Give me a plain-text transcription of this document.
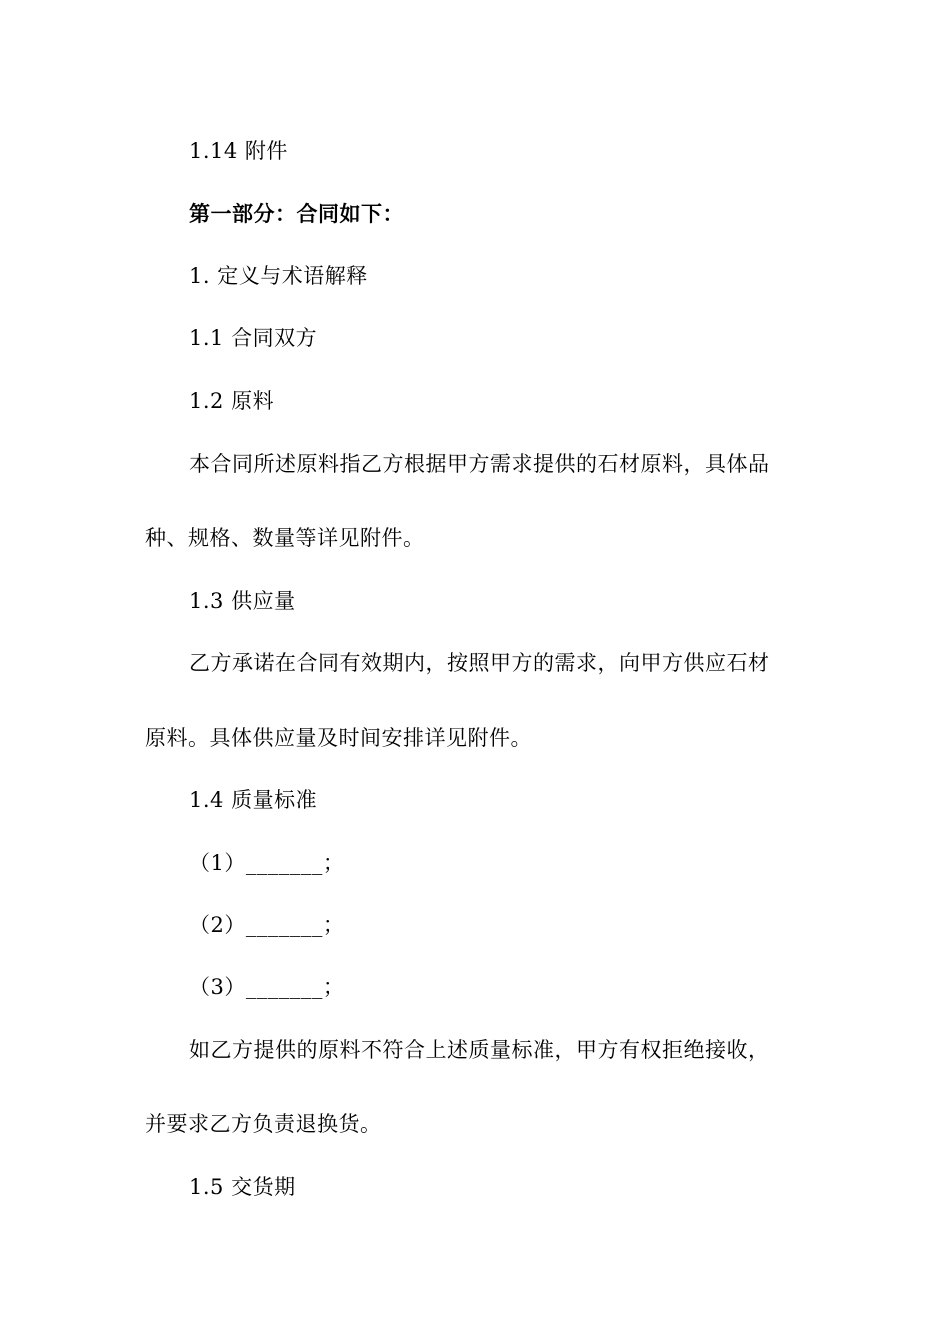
1.14 附件
第一部分：合同如下：
1. 定义与术语解释
1.1 合同双方
1.2 原料
本合同所述原料指乙方根据甲方需求提供的石材原料，具体品
种、规格、数量等详见附件。
1.3 供应量
乙方承诺在合同有效期内，按照甲方的需求，向甲方供应石材
原料。具体供应量及时间安排详见附件。
1.4 质量标准
（1）_______；
（2）_______；
（3）_______；
如乙方提供的原料不符合上述质量标准，甲方有权拒绝接收，
并要求乙方负责退换货。
1.5 交货期
